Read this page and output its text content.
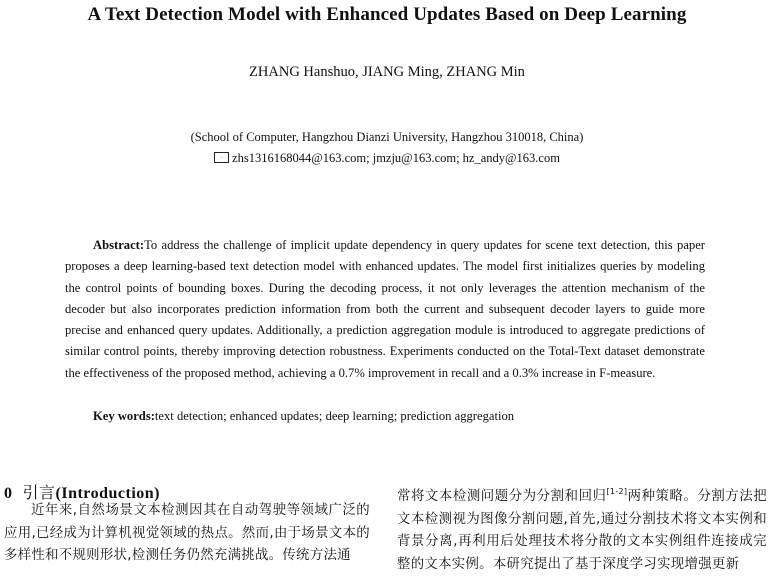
A Text Detection Model with Enhanced Updates Based on Deep Learning
ZHANG Hanshuo, JIANG Ming, ZHANG Min
(School of Computer, Hangzhou Dianzi University, Hangzhou 310018, China)
zhs1316168044@163.com; jmzju@163.com; hz_andy@163.com
Abstract:To address the challenge of implicit update dependency in query updates for scene text detection, this paper proposes a deep learning-based text detection model with enhanced updates. The model first initializes queries by modeling the control points of bounding boxes. During the decoding process, it not only leverages the attention mechanism of the decoder but also incorporates prediction information from both the current and subsequent decoder layers to guide more precise and enhanced query updates. Additionally, a prediction aggregation module is introduced to aggregate predictions of similar control points, thereby improving detection robustness. Experiments conducted on the Total-Text dataset demonstrate the effectiveness of the proposed method, achieving a 0.7% improvement in recall and a 0.3% increase in F-measure.
Key words:text detection; enhanced updates; deep learning; prediction aggregation
0 引言(Introduction)
近年来,自然场景文本检测因其在自动驾驶等领域广泛的应用,已经成为计算机视觉领域的热点。然而,由于场景文本的多样性和不规则形状,检测任务仍然充满挑战。传统方法通
常将文本检测问题分为分割和回归[1-2]两种策略。分割方法把文本检测视为图像分割问题,首先,通过分割技术将文本实例和背景分离,再利用后处理技术将分散的文本实例组件连接成完整的文本实例。本研究提出了基于深度学习实现增强更新
